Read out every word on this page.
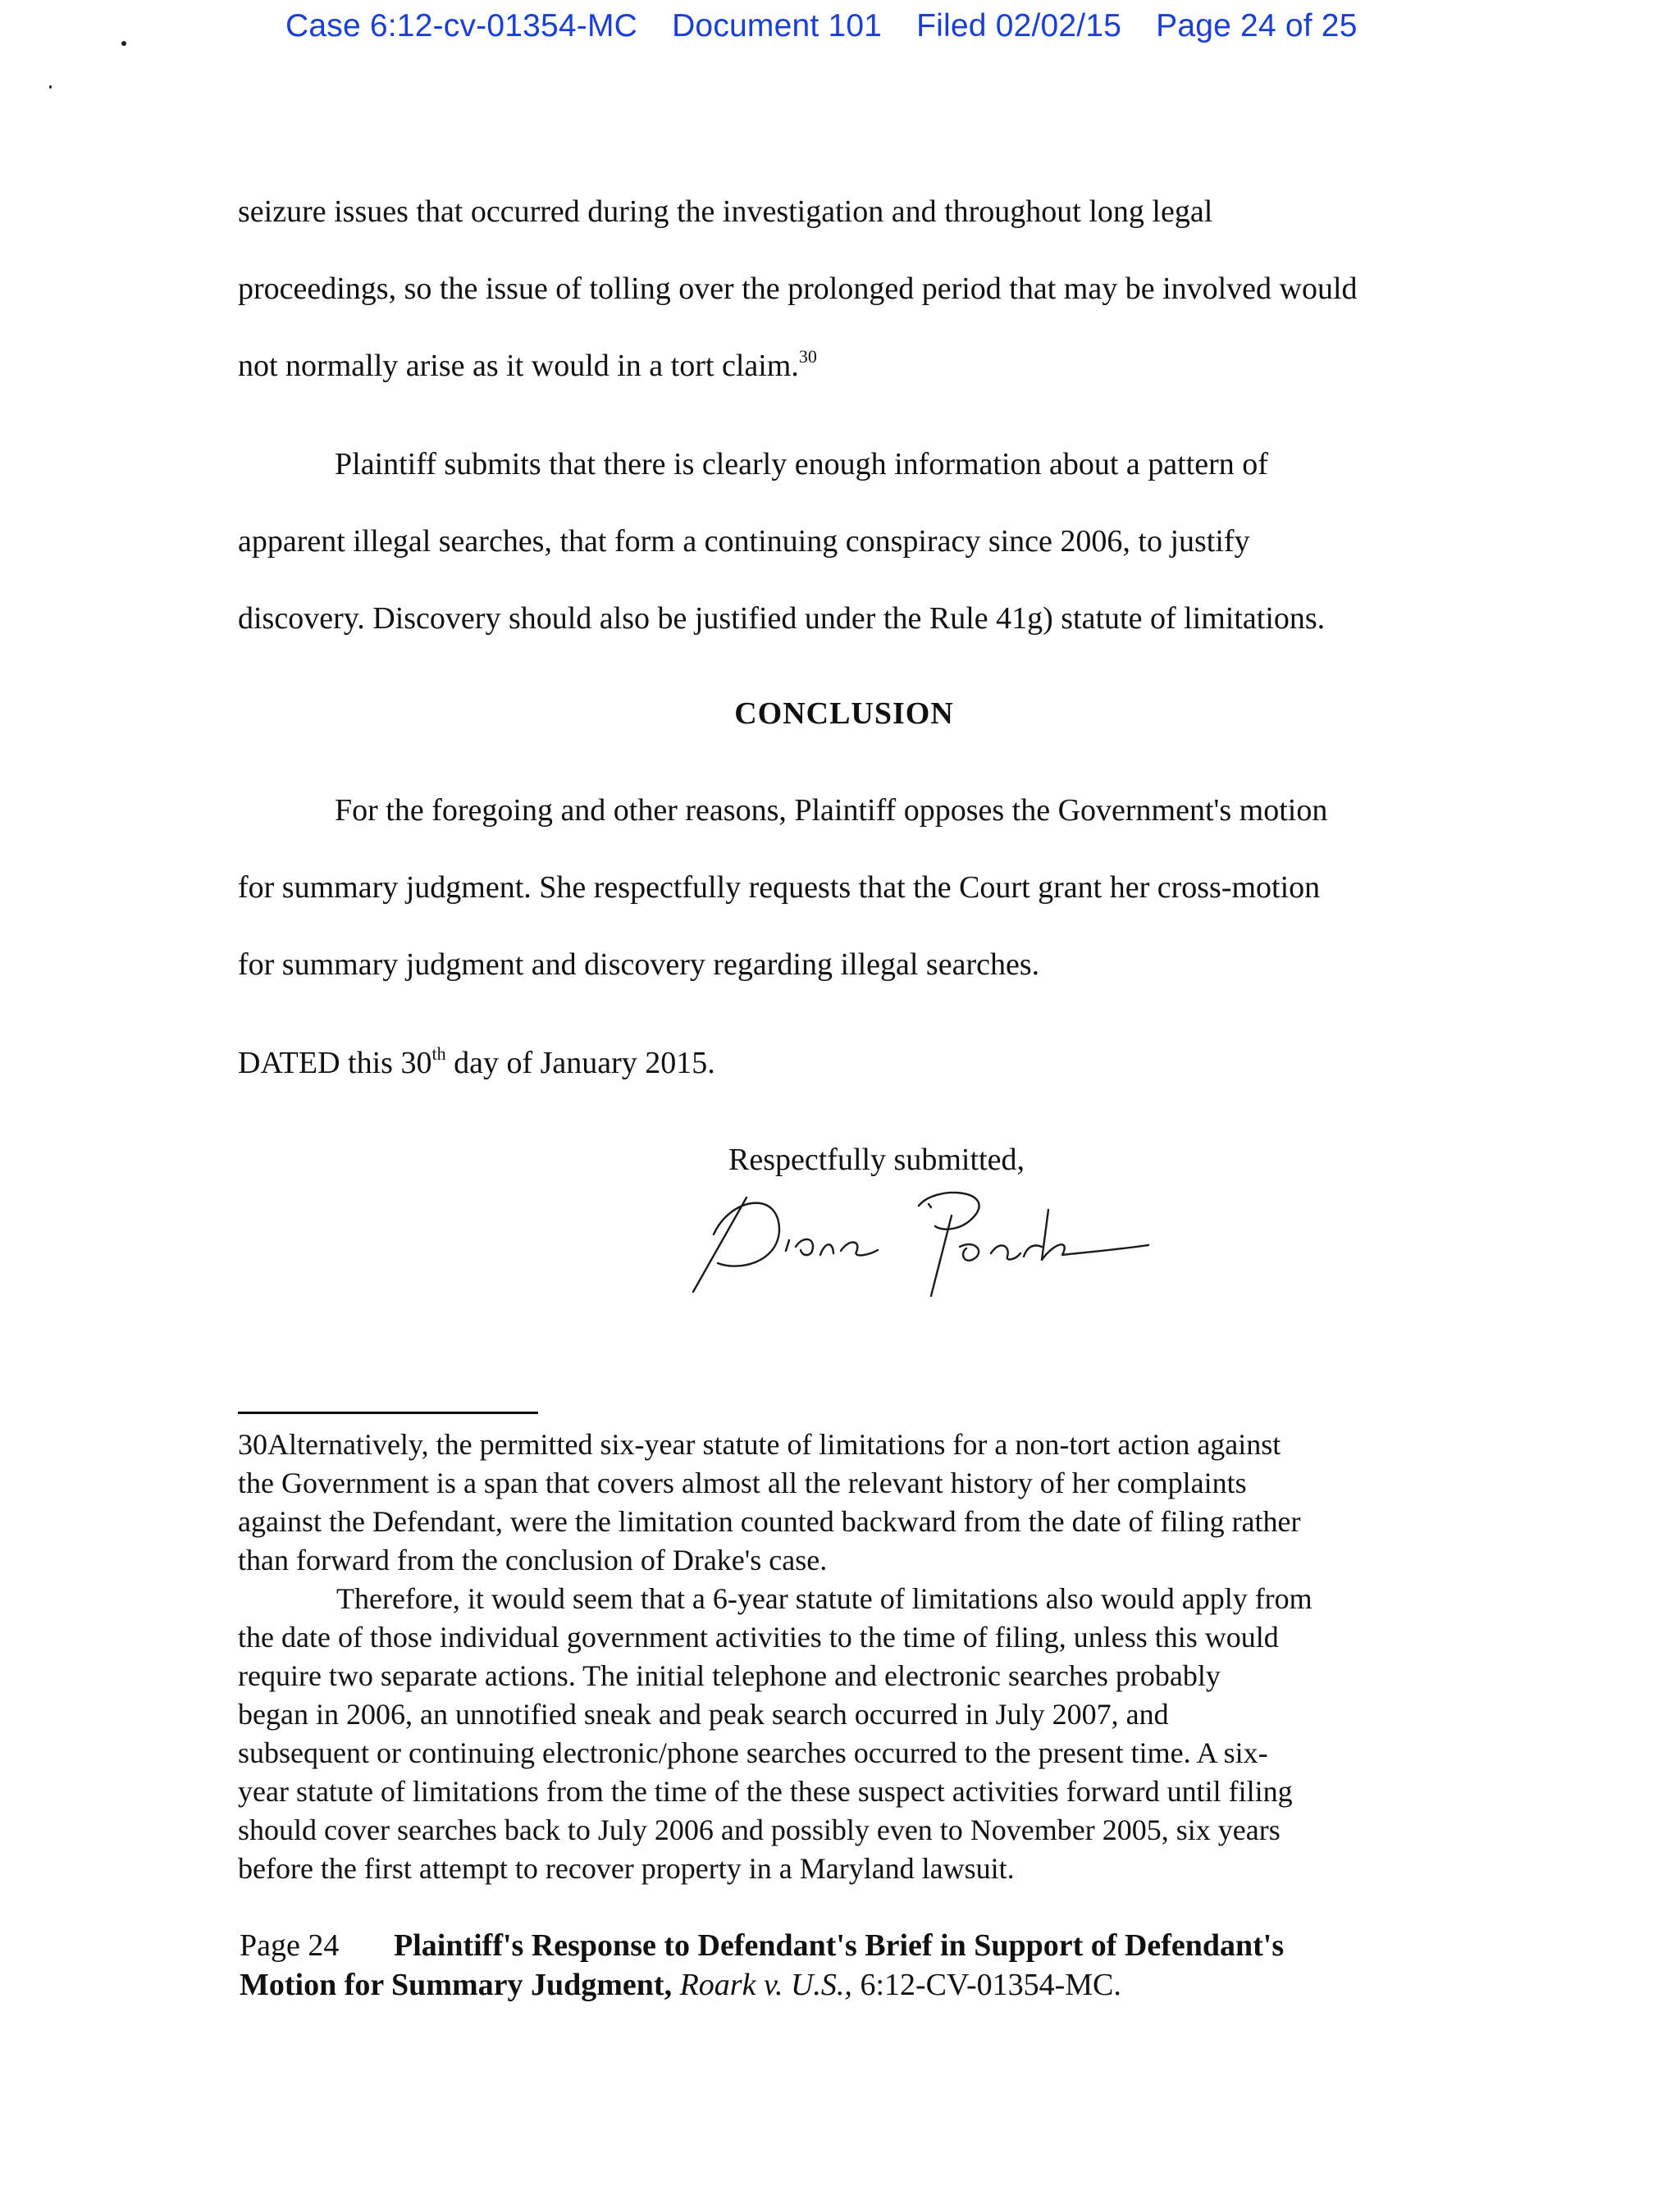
Case 6:12-cv-01354-MC Document 101 Filed 02/02/15 Page 24 of 25
seizure issues that occurred during the investigation and throughout long legal
proceedings, so the issue of tolling over the prolonged period that may be involved would
not normally arise as it would in a tort claim.$^{30}$
Plaintiff submits that there is clearly enough information about a pattern of
apparent illegal searches, that form a continuing conspiracy since 2006, to justify
discovery. Discovery should also be justified under the Rule 41g) statute of limitations.
CONCLUSION
For the foregoing and other reasons, Plaintiff opposes the Government's motion
for summary judgment. She respectfully requests that the Court grant her cross-motion
for summary judgment and discovery regarding illegal searches.
DATED this 30th day of January 2015.
Respectfully submitted,
30Alternatively, the permitted six-year statute of limitations for a non-tort action against
the Government is a span that covers almost all the relevant history of her complaints
against the Defendant, were the limitation counted backward from the date of filing rather
than forward from the conclusion of Drake's case.
Therefore, it would seem that a 6-year statute of limitations also would apply from
the date of those individual government activities to the time of filing, unless this would
require two separate actions. The initial telephone and electronic searches probably
began in 2006, an unnotified sneak and peak search occurred in July 2007, and
subsequent or continuing electronic/phone searches occurred to the present time. A six-
year statute of limitations from the time of the these suspect activities forward until filing
should cover searches back to July 2006 and possibly even to November 2005, six years
before the first attempt to recover property in a Maryland lawsuit.
Page 24 Plaintiff's Response to Defendant's Brief in Support of Defendant's
Motion for Summary Judgment, Roark v. U.S., 6:12-CV-01354-MC.
